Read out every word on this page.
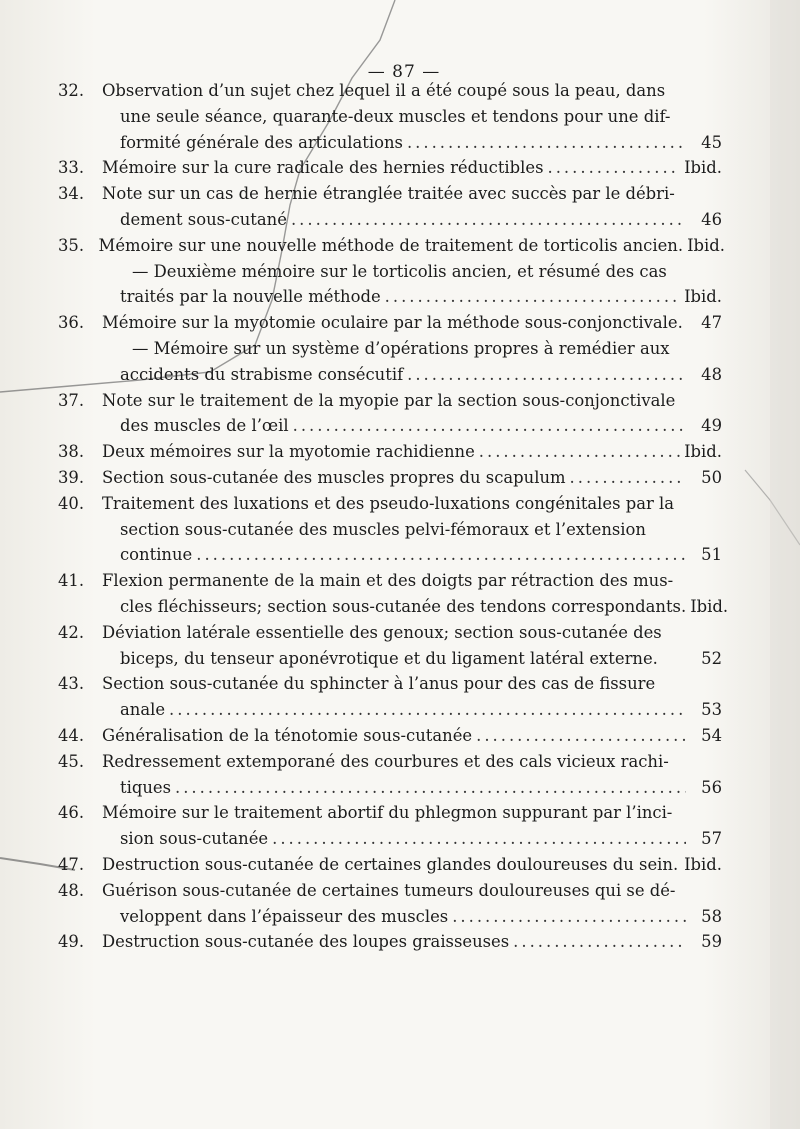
— 87 —
32.	Observation d’un sujet chez lequel il a été coupé sous la peau, dans
une seule séance, quarante-deux muscles et tendons pour une dif-
formité générale des articulations .....	45
33.	Mémoire sur la cure radicale des hernies réductibles .....	Ibid.
34.	Note sur un cas de hernie étranglée traitée avec succès par le débri-
dement sous-cutané .....	46
35. Mémoire sur une nouvelle méthode de traitement de torticolis ancien. Ibid.
— Deuxième mémoire sur le torticolis ancien, et résumé des cas
traités par la nouvelle méthode .....	Ibid.
36.	Mémoire sur la myotomie oculaire par la méthode sous-conjonctivale.	47
— Mémoire sur un système d’opérations propres à remédier aux
accidents du strabisme consécutif .....	48
37.	Note sur le traitement de la myopie par la section sous-conjonctivale
des muscles de l’œil .....	49
38.	Deux mémoires sur la myotomie rachidienne .....	Ibid.
39.	Section sous-cutanée des muscles propres du scapulum .....	50
40.	Traitement des luxations et des pseudo-luxations congénitales par la
section sous-cutanée des muscles pelvi-fémoraux et l’extension
continue .....	51
41.	Flexion permanente de la main et des doigts par rétraction des mus-
cles fléchisseurs; section sous-cutanée des tendons correspondants. Ibid.
42.	Déviation latérale essentielle des genoux; section sous-cutanée des
biceps, du tenseur aponévrotique et du ligament latéral externe.	52
43.	Section sous-cutanée du sphincter à l’anus pour des cas de fissure
anale .....	53
44.	Généralisation de la ténotomie sous-cutanée .....	54
45.	Redressement extemporané des courbures et des cals vicieux rachi-
tiques .....	56
46.	Mémoire sur le traitement abortif du phlegmon suppurant par l’inci-
sion sous-cutanée .....	57
47.	Destruction sous-cutanée de certaines glandes douloureuses du sein. Ibid.
48.	Guérison sous-cutanée de certaines tumeurs douloureuses qui se dé-
veloppent dans l’épaisseur des muscles .....	58
49.	Destruction sous-cutanée des loupes graisseuses .....	59
